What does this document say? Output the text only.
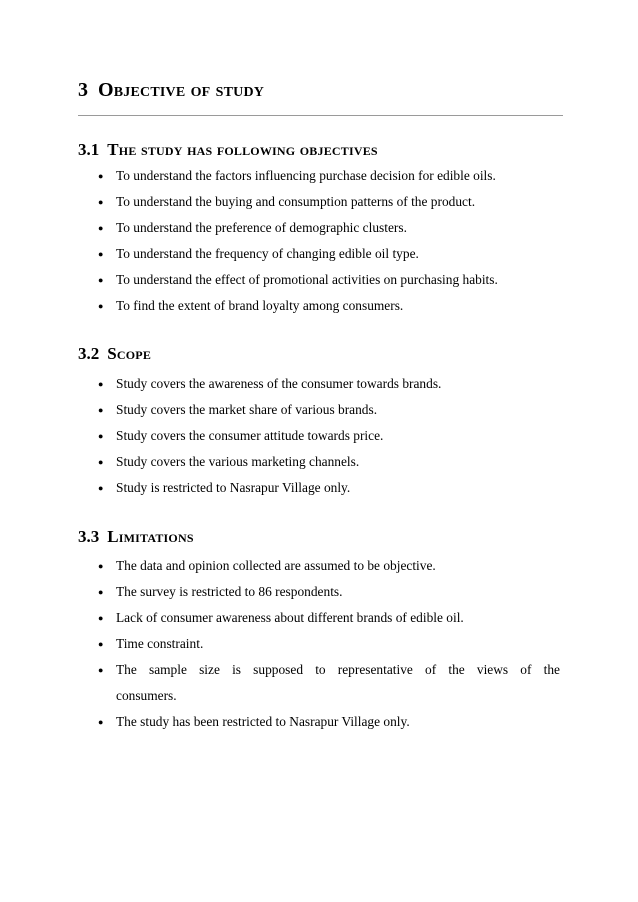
3 Objective of study
3.1 The study has following objectives
● To understand the factors influencing purchase decision for edible oils.
● To understand the buying and consumption patterns of the product.
● To understand the preference of demographic clusters.
● To understand the frequency of changing edible oil type.
● To understand the effect of promotional activities on purchasing habits.
● To find the extent of brand loyalty among consumers.
3.2 Scope
● Study covers the awareness of the consumer towards brands.
● Study covers the market share of various brands.
● Study covers the consumer attitude towards price.
● Study covers the various marketing channels.
● Study is restricted to Nasrapur Village only.
3.3 Limitations
● The data and opinion collected are assumed to be objective.
● The survey is restricted to 86 respondents.
● Lack of consumer awareness about different brands of edible oil.
● Time constraint.
● The sample size is supposed to representative of the views of the consumers.
● The study has been restricted to Nasrapur Village only.
